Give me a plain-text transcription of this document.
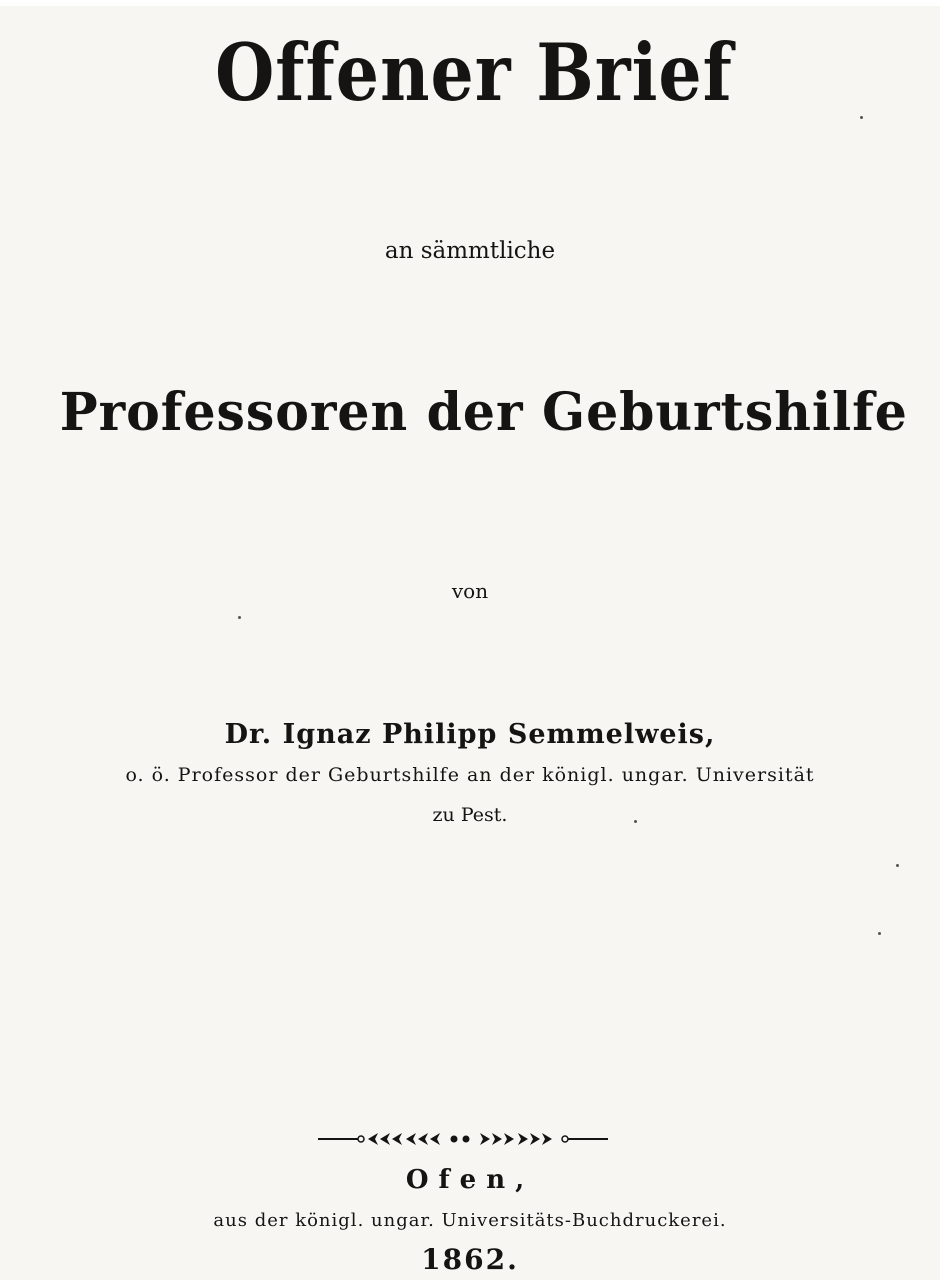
Offener Brief
an sämmtliche
Professoren der Geburtshilfe
von
Dr. Ignaz Philipp Semmelweis,
o. ö. Professor der Geburtshilfe an der königl. ungar. Universität
zu Pest.
Ofen,
aus der königl. ungar. Universitäts-Buchdruckerei.
1862.
